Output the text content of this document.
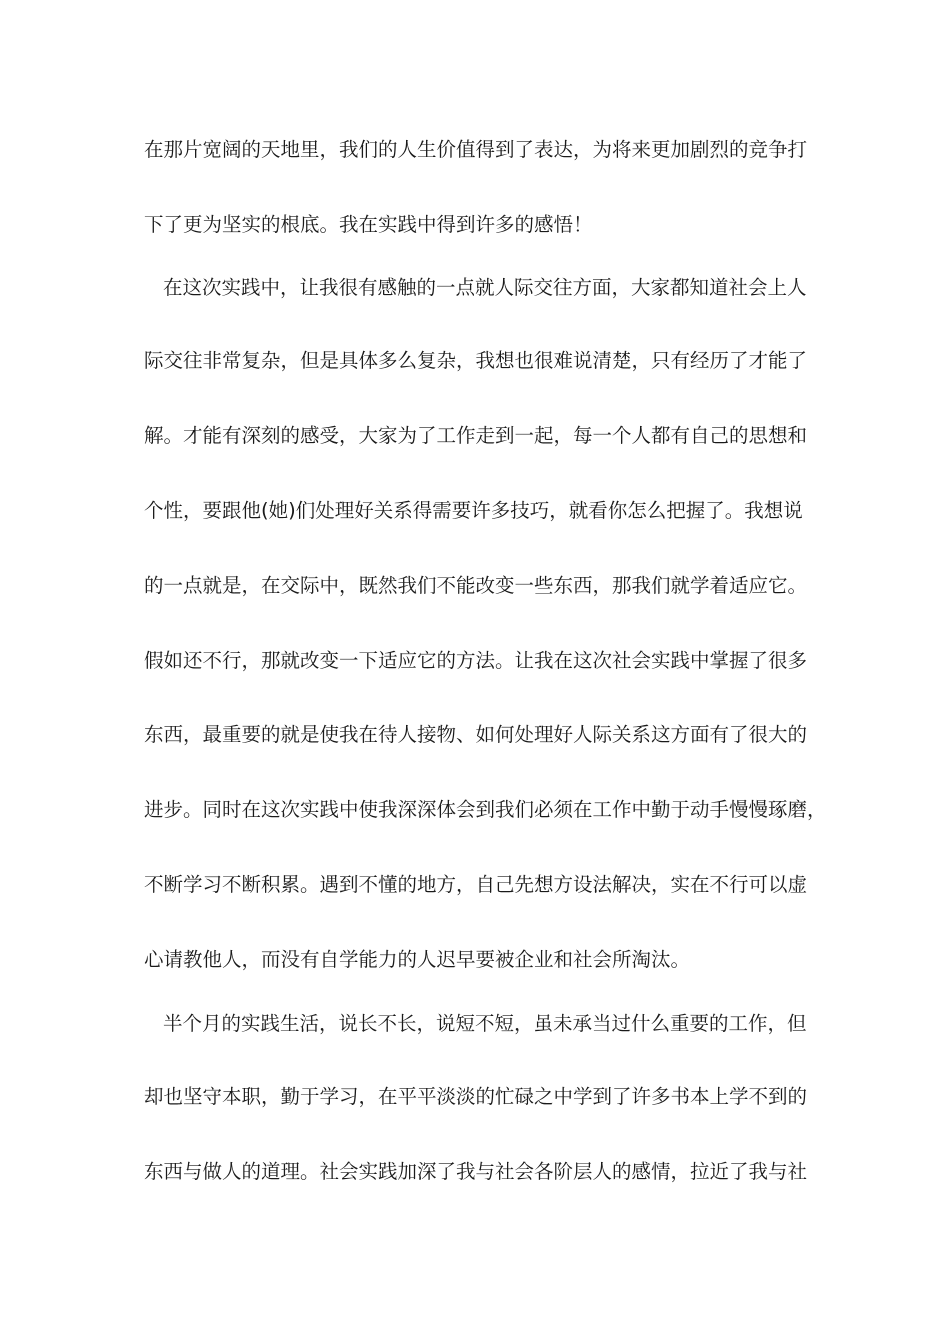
在那片宽阔的天地里，我们的人生价值得到了表达，为将来更加剧烈的竞争打
下了更为坚实的根底。我在实践中得到许多的感悟！
在这次实践中，让我很有感触的一点就人际交往方面，大家都知道社会上人
际交往非常复杂，但是具体多么复杂，我想也很难说清楚，只有经历了才能了
解。才能有深刻的感受，大家为了工作走到一起，每一个人都有自己的思想和
个性，要跟他(她)们处理好关系得需要许多技巧，就看你怎么把握了。我想说
的一点就是，在交际中，既然我们不能改变一些东西，那我们就学着适应它。
假如还不行，那就改变一下适应它的方法。让我在这次社会实践中掌握了很多
东西，最重要的就是使我在待人接物、如何处理好人际关系这方面有了很大的
进步。同时在这次实践中使我深深体会到我们必须在工作中勤于动手慢慢琢磨，
不断学习不断积累。遇到不懂的地方，自己先想方设法解决，实在不行可以虚
心请教他人，而没有自学能力的人迟早要被企业和社会所淘汰。
半个月的实践生活，说长不长，说短不短，虽未承当过什么重要的工作，但
却也坚守本职，勤于学习，在平平淡淡的忙碌之中学到了许多书本上学不到的
东西与做人的道理。社会实践加深了我与社会各阶层人的感情，拉近了我与社
